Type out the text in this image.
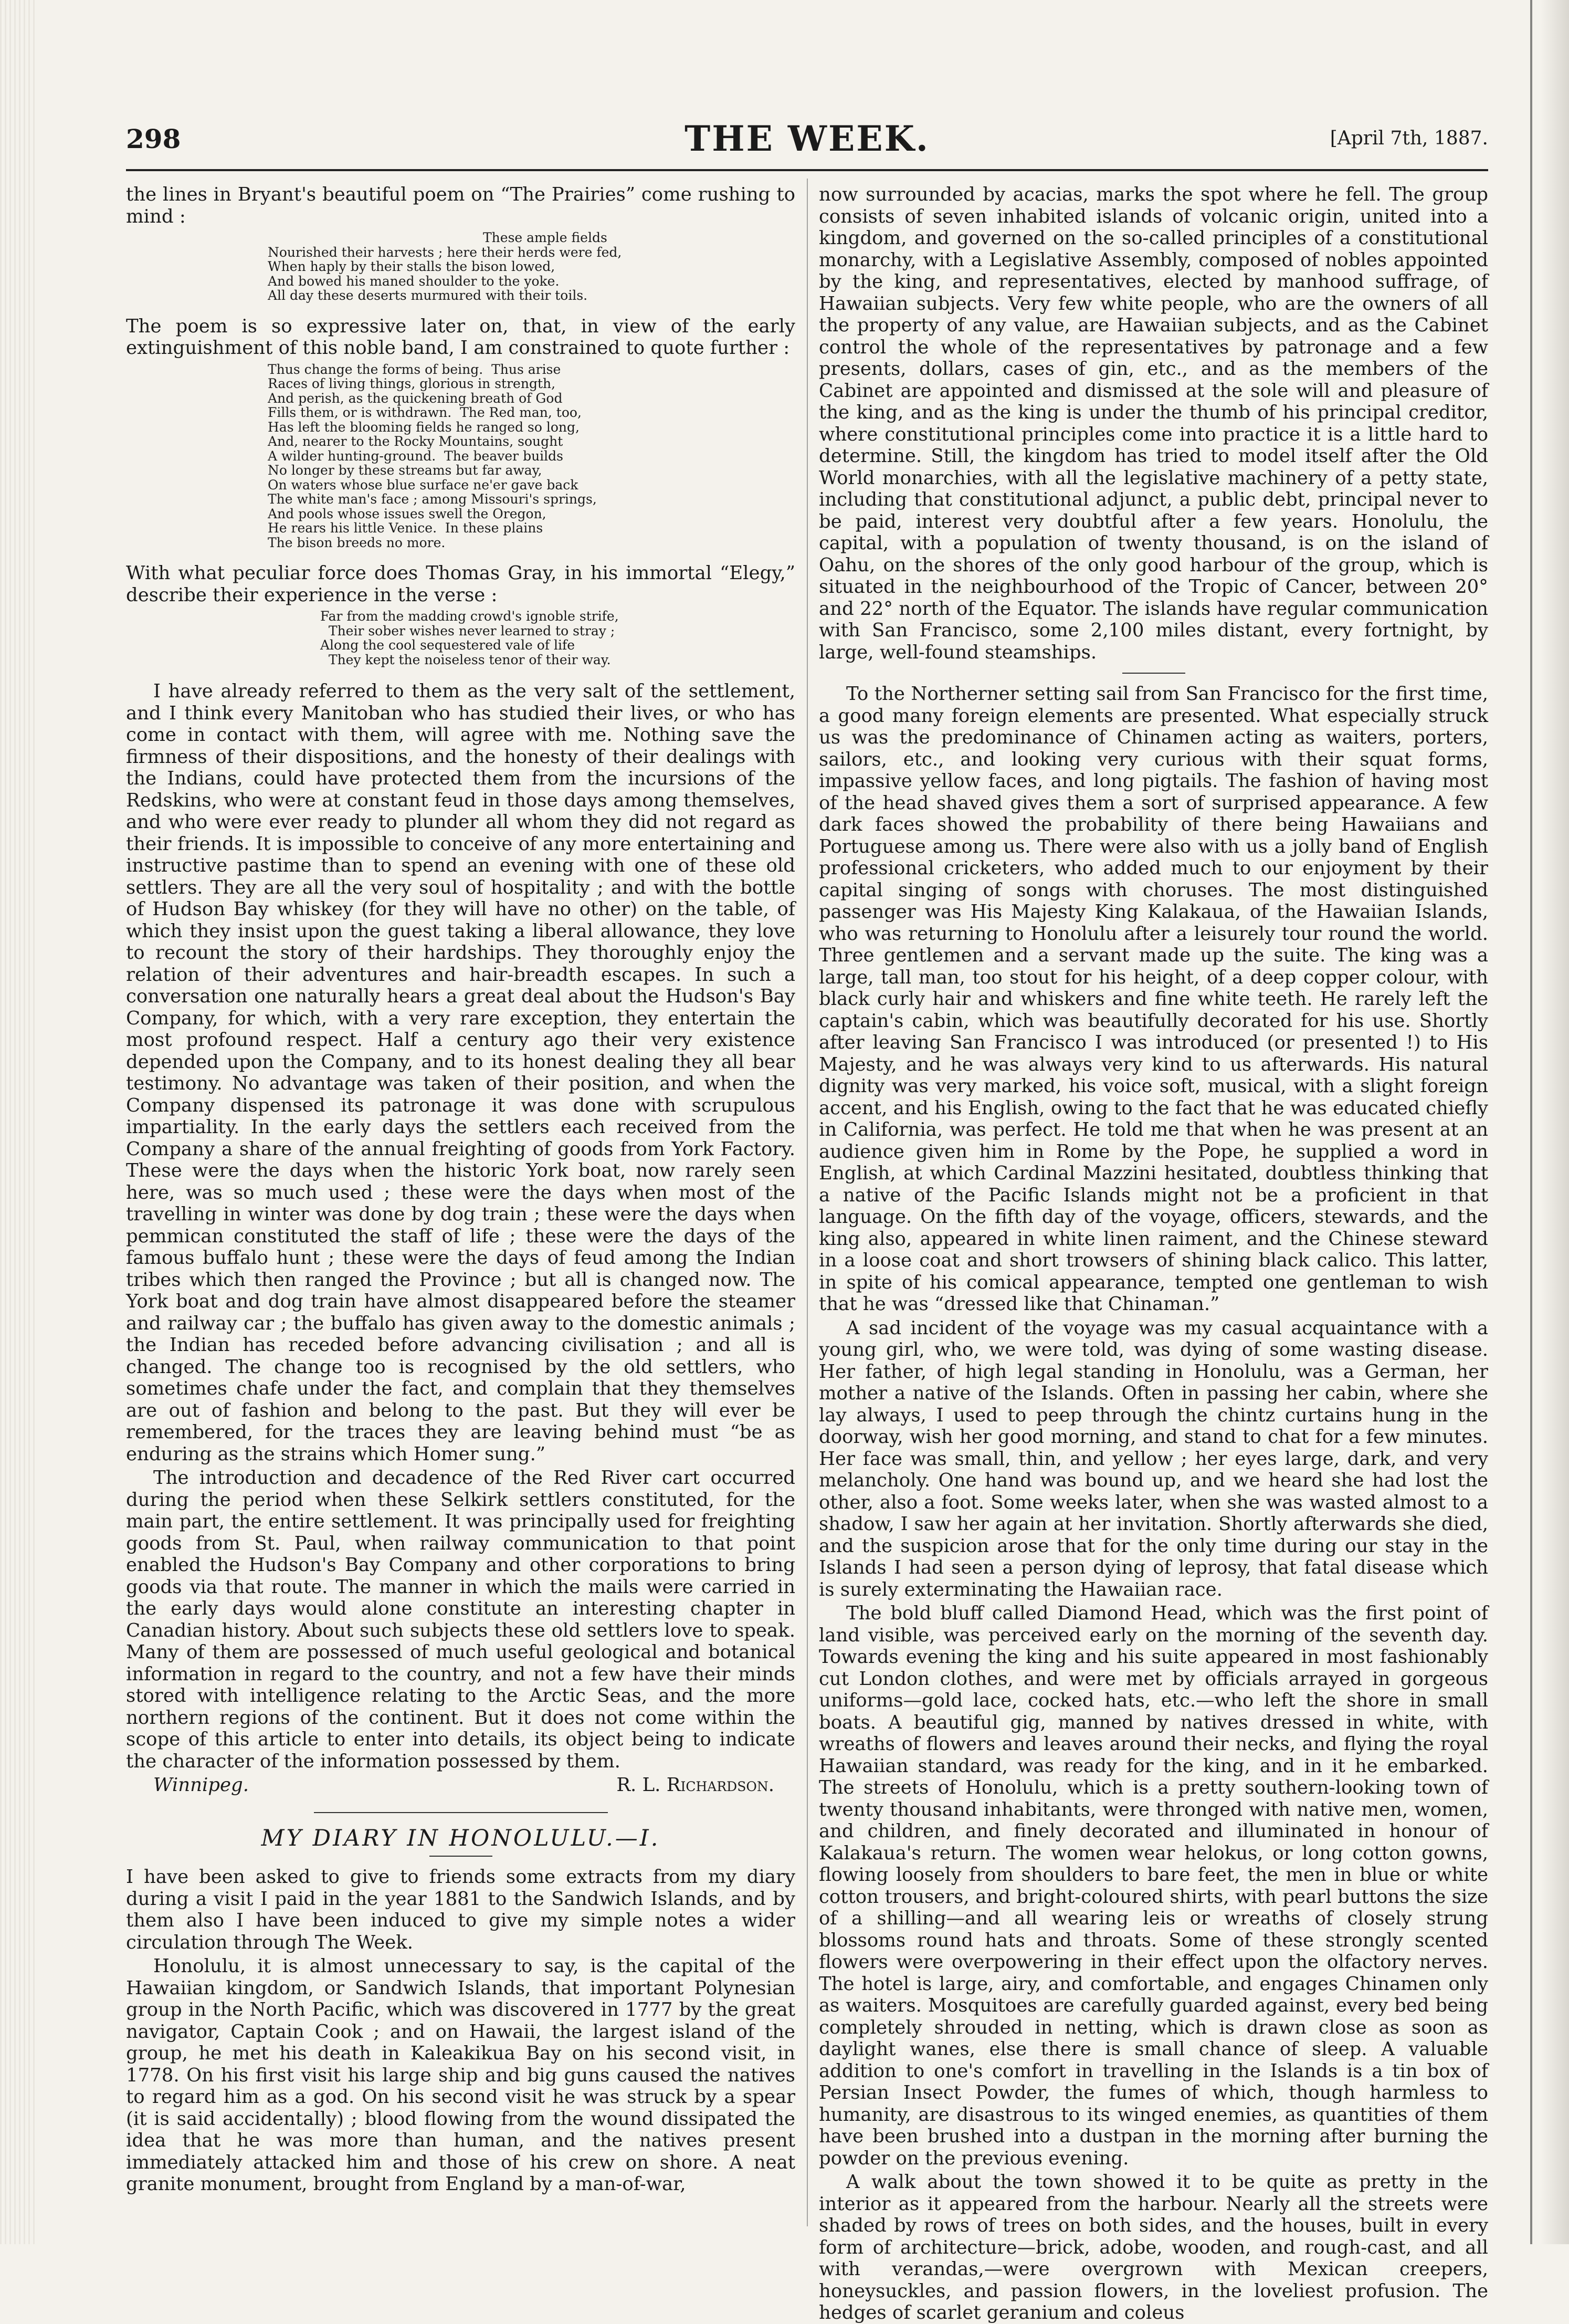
298	THE WEEK.	[April 7th, 1887.

the lines in Bryant's beautiful poem on “The Prairies” come rushing to mind :

These ample fields
Nourished their harvests ; here their herds were fed,
When haply by their stalls the bison lowed,
And bowed his maned shoulder to the yoke.
All day these deserts murmured with their toils.

The poem is so expressive later on, that, in view of the early extinguishment of this noble band, I am constrained to quote further :

Thus change the forms of being.  Thus arise
Races of living things, glorious in strength,
And perish, as the quickening breath of God
Fills them, or is withdrawn.  The Red man, too,
Has left the blooming fields he ranged so long,
And, nearer to the Rocky Mountains, sought
A wilder hunting-ground.  The beaver builds
No longer by these streams but far away,
On waters whose blue surface ne'er gave back
The white man's face ; among Missouri's springs,
And pools whose issues swell the Oregon,
He rears his little Venice.  In these plains
The bison breeds no more.

With what peculiar force does Thomas Gray, in his immortal “Elegy,” describe their experience in the verse :

Far from the madding crowd's ignoble strife,
Their sober wishes never learned to stray ;
Along the cool sequestered vale of life
They kept the noiseless tenor of their way.

I have already referred to them as the very salt of the settlement, and I think every Manitoban who has studied their lives, or who has come in contact with them, will agree with me. Nothing save the firmness of their dispositions, and the honesty of their dealings with the Indians, could have protected them from the incursions of the Redskins, who were at constant feud in those days among themselves, and who were ever ready to plunder all whom they did not regard as their friends. It is impossible to conceive of any more entertaining and instructive pastime than to spend an evening with one of these old settlers. They are all the very soul of hospitality ; and with the bottle of Hudson Bay whiskey (for they will have no other) on the table, of which they insist upon the guest taking a liberal allowance, they love to recount the story of their hardships. They thoroughly enjoy the relation of their adventures and hair-breadth escapes. In such a conversation one naturally hears a great deal about the Hudson's Bay Company, for which, with a very rare exception, they entertain the most profound respect. Half a century ago their very existence depended upon the Company, and to its honest dealing they all bear testimony. No advantage was taken of their position, and when the Company dispensed its patronage it was done with scrupulous impartiality. In the early days the settlers each received from the Company a share of the annual freighting of goods from York Factory. These were the days when the historic York boat, now rarely seen here, was so much used ; these were the days when most of the travelling in winter was done by dog train ; these were the days when pemmican constituted the staff of life ; these were the days of the famous buffalo hunt ; these were the days of feud among the Indian tribes which then ranged the Province ; but all is changed now. The York boat and dog train have almost disappeared before the steamer and railway car ; the buffalo has given away to the domestic animals ; the Indian has receded before advancing civilisation ; and all is changed. The change too is recognised by the old settlers, who sometimes chafe under the fact, and complain that they themselves are out of fashion and belong to the past. But they will ever be remembered, for the traces they are leaving behind must “be as enduring as the strains which Homer sung.”

The introduction and decadence of the Red River cart occurred during the period when these Selkirk settlers constituted, for the main part, the entire settlement. It was principally used for freighting goods from St. Paul, when railway communication to that point enabled the Hudson's Bay Company and other corporations to bring goods via that route. The manner in which the mails were carried in the early days would alone constitute an interesting chapter in Canadian history. About such subjects these old settlers love to speak. Many of them are possessed of much useful geological and botanical information in regard to the country, and not a few have their minds stored with intelligence relating to the Arctic Seas, and the more northern regions of the continent. But it does not come within the scope of this article to enter into details, its object being to indicate the character of the information possessed by them.

Winnipeg.	R. L. Richardson.
MY DIARY IN HONOLULU.—I.

I have been asked to give to friends some extracts from my diary during a visit I paid in the year 1881 to the Sandwich Islands, and by them also I have been induced to give my simple notes a wider circulation through The Week.

Honolulu, it is almost unnecessary to say, is the capital of the Hawaiian kingdom, or Sandwich Islands, that important Polynesian group in the North Pacific, which was discovered in 1777 by the great navigator, Captain Cook ; and on Hawaii, the largest island of the group, he met his death in Kaleakikua Bay on his second visit, in 1778. On his first visit his large ship and big guns caused the natives to regard him as a god. On his second visit he was struck by a spear (it is said accidentally) ; blood flowing from the wound dissipated the idea that he was more than human, and the natives present immediately attacked him and those of his crew on shore. A neat granite monument, brought from England by a man-of-war,

now surrounded by acacias, marks the spot where he fell. The group consists of seven inhabited islands of volcanic origin, united into a kingdom, and governed on the so-called principles of a constitutional monarchy, with a Legislative Assembly, composed of nobles appointed by the king, and representatives, elected by manhood suffrage, of Hawaiian subjects. Very few white people, who are the owners of all the property of any value, are Hawaiian subjects, and as the Cabinet control the whole of the representatives by patronage and a few presents, dollars, cases of gin, etc., and as the members of the Cabinet are appointed and dismissed at the sole will and pleasure of the king, and as the king is under the thumb of his principal creditor, where constitutional principles come into practice it is a little hard to determine. Still, the kingdom has tried to model itself after the Old World monarchies, with all the legislative machinery of a petty state, including that constitutional adjunct, a public debt, principal never to be paid, interest very doubtful after a few years. Honolulu, the capital, with a population of twenty thousand, is on the island of Oahu, on the shores of the only good harbour of the group, which is situated in the neighbourhood of the Tropic of Cancer, between 20° and 22° north of the Equator. The islands have regular communication with San Francisco, some 2,100 miles distant, every fortnight, by large, well-found steamships.

To the Northerner setting sail from San Francisco for the first time, a good many foreign elements are presented. What especially struck us was the predominance of Chinamen acting as waiters, porters, sailors, etc., and looking very curious with their squat forms, impassive yellow faces, and long pigtails. The fashion of having most of the head shaved gives them a sort of surprised appearance. A few dark faces showed the probability of there being Hawaiians and Portuguese among us. There were also with us a jolly band of English professional cricketers, who added much to our enjoyment by their capital singing of songs with choruses. The most distinguished passenger was His Majesty King Kalakaua, of the Hawaiian Islands, who was returning to Honolulu after a leisurely tour round the world. Three gentlemen and a servant made up the suite. The king was a large, tall man, too stout for his height, of a deep copper colour, with black curly hair and whiskers and fine white teeth. He rarely left the captain's cabin, which was beautifully decorated for his use. Shortly after leaving San Francisco I was introduced (or presented !) to His Majesty, and he was always very kind to us afterwards. His natural dignity was very marked, his voice soft, musical, with a slight foreign accent, and his English, owing to the fact that he was educated chiefly in California, was perfect. He told me that when he was present at an audience given him in Rome by the Pope, he supplied a word in English, at which Cardinal Mazzini hesitated, doubtless thinking that a native of the Pacific Islands might not be a proficient in that language. On the fifth day of the voyage, officers, stewards, and the king also, appeared in white linen raiment, and the Chinese steward in a loose coat and short trowsers of shining black calico. This latter, in spite of his comical appearance, tempted one gentleman to wish that he was “dressed like that Chinaman.”

A sad incident of the voyage was my casual acquaintance with a young girl, who, we were told, was dying of some wasting disease. Her father, of high legal standing in Honolulu, was a German, her mother a native of the Islands. Often in passing her cabin, where she lay always, I used to peep through the chintz curtains hung in the doorway, wish her good morning, and stand to chat for a few minutes. Her face was small, thin, and yellow ; her eyes large, dark, and very melancholy. One hand was bound up, and we heard she had lost the other, also a foot. Some weeks later, when she was wasted almost to a shadow, I saw her again at her invitation. Shortly afterwards she died, and the suspicion arose that for the only time during our stay in the Islands I had seen a person dying of leprosy, that fatal disease which is surely exterminating the Hawaiian race.

The bold bluff called Diamond Head, which was the first point of land visible, was perceived early on the morning of the seventh day. Towards evening the king and his suite appeared in most fashionably cut London clothes, and were met by officials arrayed in gorgeous uniforms—gold lace, cocked hats, etc.—who left the shore in small boats. A beautiful gig, manned by natives dressed in white, with wreaths of flowers and leaves around their necks, and flying the royal Hawaiian standard, was ready for the king, and in it he embarked. The streets of Honolulu, which is a pretty southern-looking town of twenty thousand inhabitants, were thronged with native men, women, and children, and finely decorated and illuminated in honour of Kalakaua's return. The women wear helokus, or long cotton gowns, flowing loosely from shoulders to bare feet, the men in blue or white cotton trousers, and bright-coloured shirts, with pearl buttons the size of a shilling—and all wearing leis or wreaths of closely strung blossoms round hats and throats. Some of these strongly scented flowers were overpowering in their effect upon the olfactory nerves. The hotel is large, airy, and comfortable, and engages Chinamen only as waiters. Mosquitoes are carefully guarded against, every bed being completely shrouded in netting, which is drawn close as soon as daylight wanes, else there is small chance of sleep. A valuable addition to one's comfort in travelling in the Islands is a tin box of Persian Insect Powder, the fumes of which, though harmless to humanity, are disastrous to its winged enemies, as quantities of them have been brushed into a dustpan in the morning after burning the powder on the previous evening.

A walk about the town showed it to be quite as pretty in the interior as it appeared from the harbour. Nearly all the streets were shaded by rows of trees on both sides, and the houses, built in every form of architecture—brick, adobe, wooden, and rough-cast, and all with verandas,—were overgrown with Mexican creepers, honeysuckles, and passion flowers, in the loveliest profusion. The hedges of scarlet geranium and coleus
